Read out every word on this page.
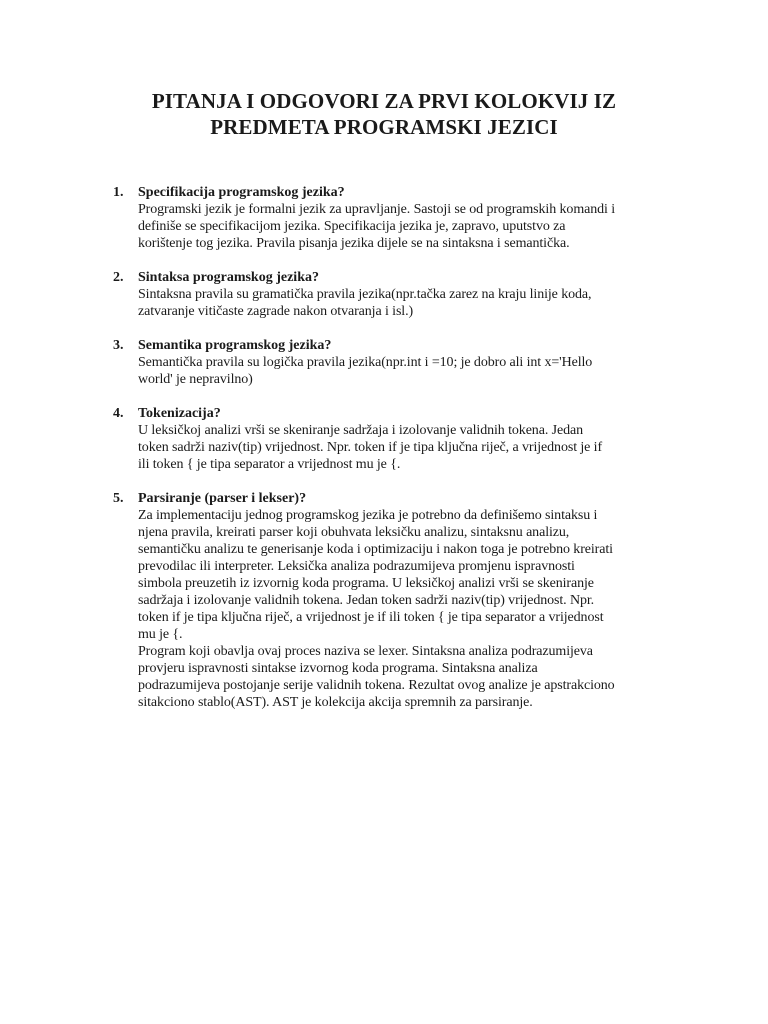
PITANJA I ODGOVORI ZA PRVI KOLOKVIJ IZ
PREDMETA PROGRAMSKI JEZICI
1. Specifikacija programskog jezika?

Programski jezik je formalni jezik za upravljanje. Sastoji se od programskih komandi i

definiše se specifikacijom jezika. Specifikacija jezika je, zapravo, uputstvo za

korištenje tog jezika. Pravila pisanja jezika dijele se na sintaksna i semantička.

2. Sintaksa programskog jezika?

Sintaksna pravila su gramatička pravila jezika(npr.tačka zarez na kraju linije koda,

zatvaranje vitičaste zagrade nakon otvaranja i isl.)

3. Semantika programskog jezika?

Semantička pravila su logička pravila jezika(npr.int i =10; je dobro ali int x='Hello

world' je nepravilno)

4. Tokenizacija?

U leksičkoj analizi vrši se skeniranje sadržaja i izolovanje validnih tokena. Jedan

token sadrži naziv(tip) vrijednost. Npr. token if je tipa ključna riječ, a vrijednost je if

ili token { je tipa separator a vrijednost mu je {.

5. Parsiranje (parser i lekser)?

Za implementaciju jednog programskog jezika je potrebno da definišemo sintaksu i

njena pravila, kreirati parser koji obuhvata leksičku analizu, sintaksnu analizu,

semantičku analizu te generisanje koda i optimizaciju i nakon toga je potrebno kreirati

prevodilac ili interpreter. Leksička analiza podrazumijeva promjenu ispravnosti

simbola preuzetih iz izvornig koda programa. U leksičkoj analizi vrši se skeniranje

sadržaja i izolovanje validnih tokena. Jedan token sadrži naziv(tip) vrijednost. Npr.

token if je tipa ključna riječ, a vrijednost je if ili token { je tipa separator a vrijednost

mu je {.

Program koji obavlja ovaj proces naziva se lexer. Sintaksna analiza podrazumijeva

provjeru ispravnosti sintakse izvornog koda programa. Sintaksna analiza

podrazumijeva postojanje serije validnih tokena. Rezultat ovog analize je apstrakciono

sitakciono stablo(AST). AST je kolekcija akcija spremnih za parsiranje.
